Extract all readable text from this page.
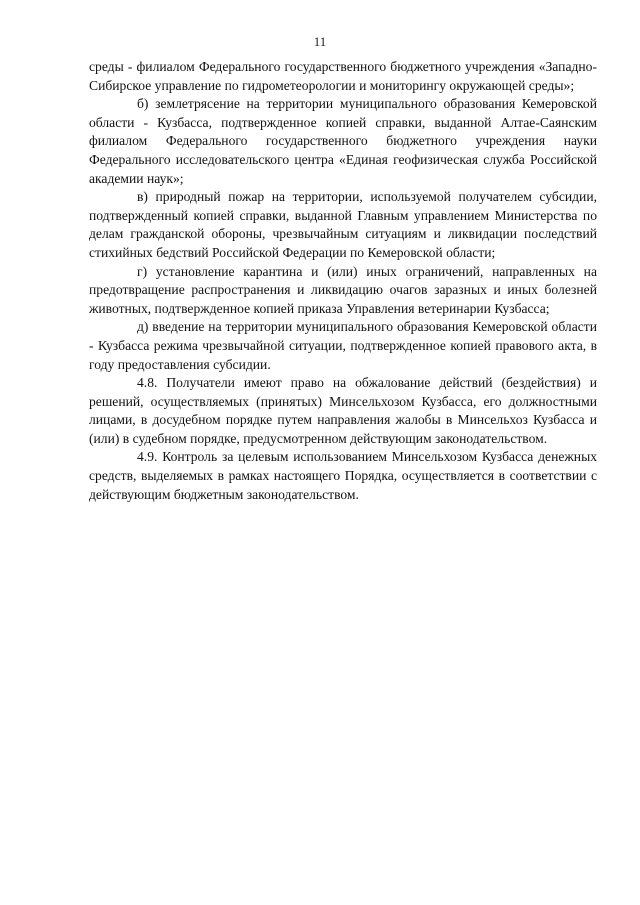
11

среды - филиалом Федерального государственного бюджетного учреждения «Западно-Сибирское управление по гидрометеорологии и мониторингу окружающей среды»;

б) землетрясение на территории муниципального образования Кемеровской области - Кузбасса, подтвержденное копией справки, выданной Алтае-Саянским филиалом Федерального государственного бюджетного учреждения науки Федерального исследовательского центра «Единая геофизическая служба Российской академии наук»;

в) природный пожар на территории, используемой получателем субсидии, подтвержденный копией справки, выданной Главным управлением Министерства по делам гражданской обороны, чрезвычайным ситуациям и ликвидации последствий стихийных бедствий Российской Федерации по Кемеровской области;

г) установление карантина и (или) иных ограничений, направленных на предотвращение распространения и ликвидацию очагов заразных и иных болезней животных, подтвержденное копией приказа Управления ветеринарии Кузбасса;

д) введение на территории муниципального образования Кемеровской области - Кузбасса режима чрезвычайной ситуации, подтвержденное копией правового акта, в году предоставления субсидии.

4.8. Получатели имеют право на обжалование действий (бездействия) и решений, осуществляемых (принятых) Минсельхозом Кузбасса, его должностными лицами, в досудебном порядке путем направления жалобы в Минсельхоз Кузбасса и (или) в судебном порядке, предусмотренном действующим законодательством.

4.9. Контроль за целевым использованием Минсельхозом Кузбасса денежных средств, выделяемых в рамках настоящего Порядка, осуществляется в соответствии с действующим бюджетным законодательством.
